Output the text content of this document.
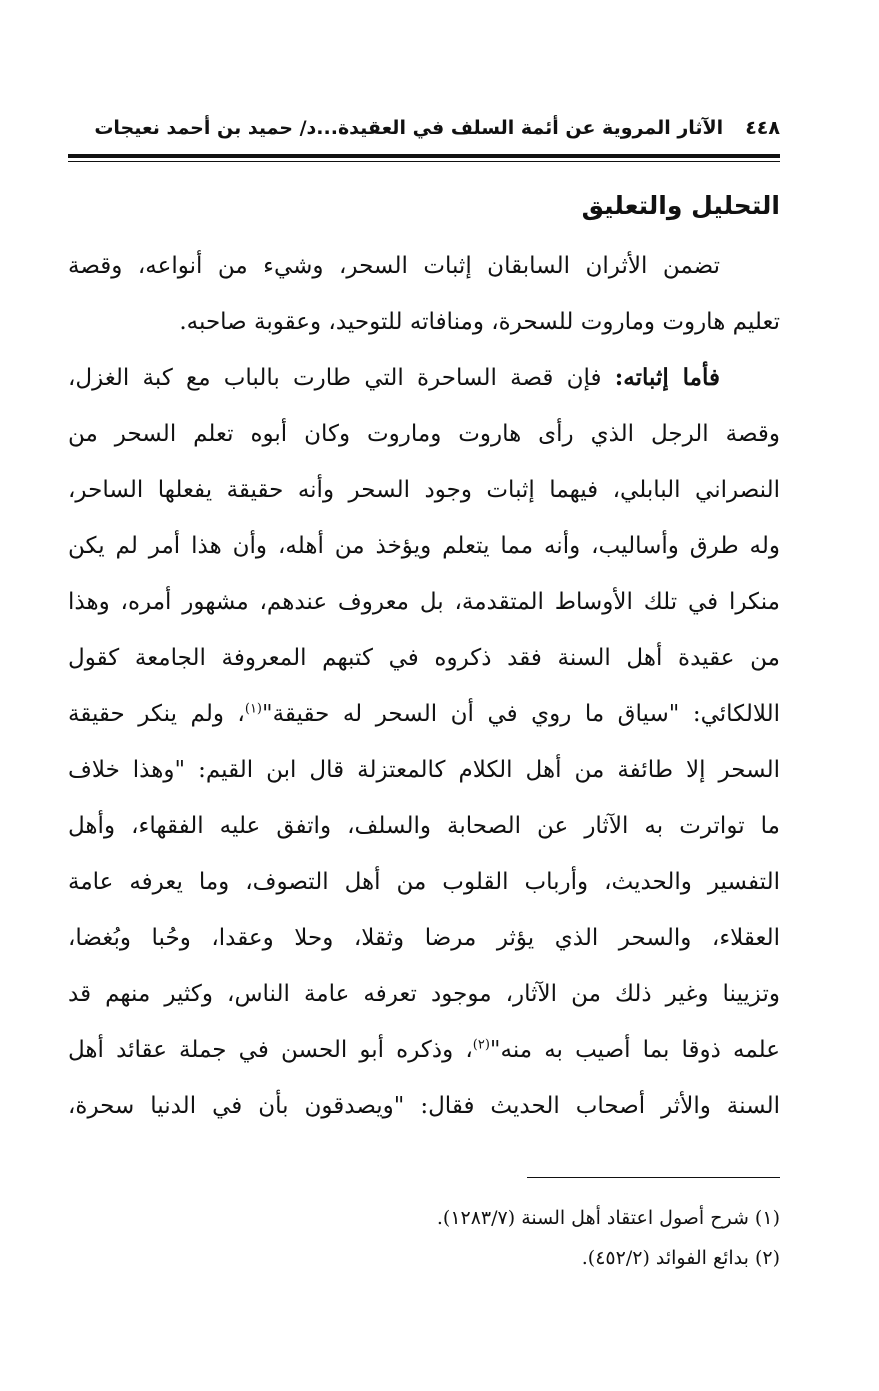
٤٤٨
الآثار المروية عن أئمة السلف في العقيدة...د/ حميد بن أحمد نعيجات
التحليل والتعليق
تضمن الأثران السابقان إثبات السحر، وشيء من أنواعه، وقصة
تعليم هاروت وماروت للسحرة، ومنافاته للتوحيد، وعقوبة صاحبه.
فأما إثباته: فإن قصة الساحرة التي طارت بالباب مع كبة الغزل،
وقصة الرجل الذي رأى هاروت وماروت وكان أبوه تعلم السحر من
النصراني البابلي، فيهما إثبات وجود السحر وأنه حقيقة يفعلها الساحر،
وله طرق وأساليب، وأنه مما يتعلم ويؤخذ من أهله، وأن هذا أمر لم يكن
منكرا في تلك الأوساط المتقدمة، بل معروف عندهم، مشهور أمره، وهذا
من عقيدة أهل السنة فقد ذكروه في كتبهم المعروفة الجامعة كقول
اللالكائي: "سياق ما روي في أن السحر له حقيقة"$^{(١)}$، ولم ينكر حقيقة
السحر إلا طائفة من أهل الكلام كالمعتزلة قال ابن القيم: "وهذا خلاف
ما تواترت به الآثار عن الصحابة والسلف، واتفق عليه الفقهاء، وأهل
التفسير والحديث، وأرباب القلوب من أهل التصوف، وما يعرفه عامة
العقلاء، والسحر الذي يؤثر مرضا وثقلا، وحلا وعقدا، وحُبا وبُغضا،
وتزيينا وغير ذلك من الآثار، موجود تعرفه عامة الناس، وكثير منهم قد
علمه ذوقا بما أصيب به منه"$^{(٢)}$، وذكره أبو الحسن في جملة عقائد أهل
السنة والأثر أصحاب الحديث فقال: "ويصدقون بأن في الدنيا سحرة،
(١) شرح أصول اعتقاد أهل السنة (١٢٨٣/٧).
(٢) بدائع الفوائد (٤٥٢/٢).
